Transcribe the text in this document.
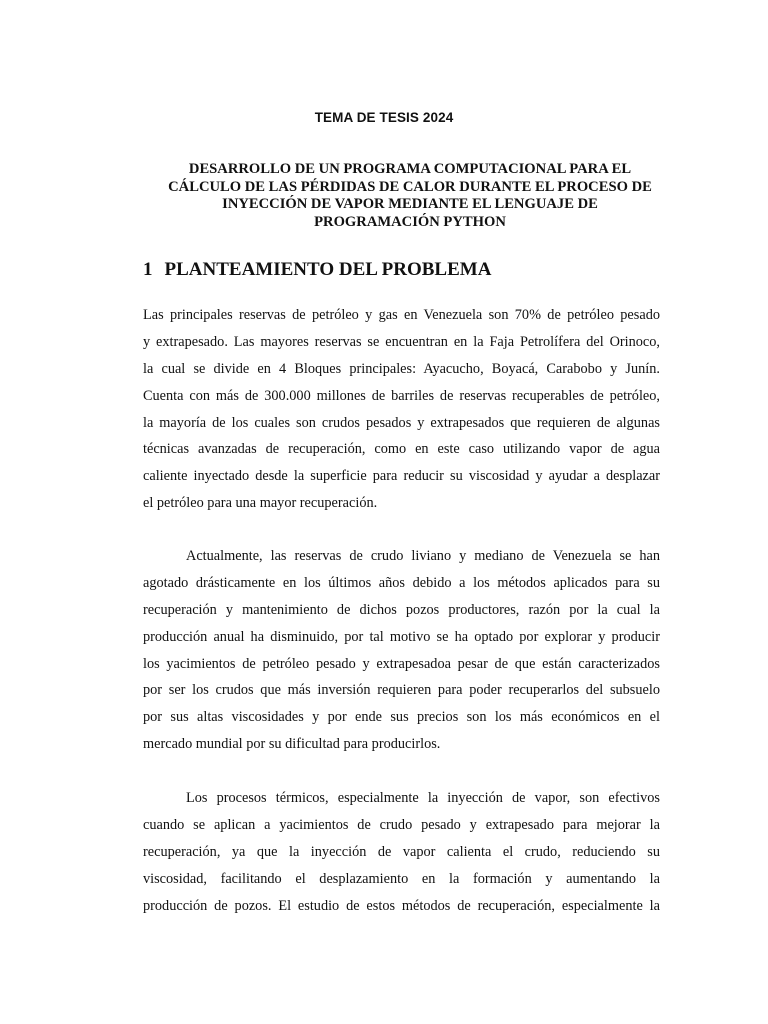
TEMA DE TESIS 2024
DESARROLLO DE UN PROGRAMA COMPUTACIONAL PARA EL
CÁLCULO DE LAS PÉRDIDAS DE CALOR DURANTE EL PROCESO DE
INYECCIÓN DE VAPOR MEDIANTE EL LENGUAJE DE
PROGRAMACIÓN PYTHON
1 PLANTEAMIENTO DEL PROBLEMA
Las principales reservas de petróleo y gas en Venezuela son 70% de petróleo pesado
y extrapesado. Las mayores reservas se encuentran en la Faja Petrolífera del Orinoco,
la cual se divide en 4 Bloques principales: Ayacucho, Boyacá, Carabobo y Junín.
Cuenta con más de 300.000 millones de barriles de reservas recuperables de petróleo,
la mayoría de los cuales son crudos pesados y extrapesados que requieren de algunas
técnicas avanzadas de recuperación, como en este caso utilizando vapor de agua
caliente inyectado desde la superficie para reducir su viscosidad y ayudar a desplazar
el petróleo para una mayor recuperación.
Actualmente, las reservas de crudo liviano y mediano de Venezuela se han
agotado drásticamente en los últimos años debido a los métodos aplicados para su
recuperación y mantenimiento de dichos pozos productores, razón por la cual la
producción anual ha disminuido, por tal motivo se ha optado por explorar y producir
los yacimientos de petróleo pesado y extrapesadoa pesar de que están caracterizados
por ser los crudos que más inversión requieren para poder recuperarlos del subsuelo
por sus altas viscosidades y por ende sus precios son los más económicos en el
mercado mundial por su dificultad para producirlos.
Los procesos térmicos, especialmente la inyección de vapor, son efectivos
cuando se aplican a yacimientos de crudo pesado y extrapesado para mejorar la
recuperación, ya que la inyección de vapor calienta el crudo, reduciendo su
viscosidad, facilitando el desplazamiento en la formación y aumentando la
producción de pozos. El estudio de estos métodos de recuperación, especialmente la
